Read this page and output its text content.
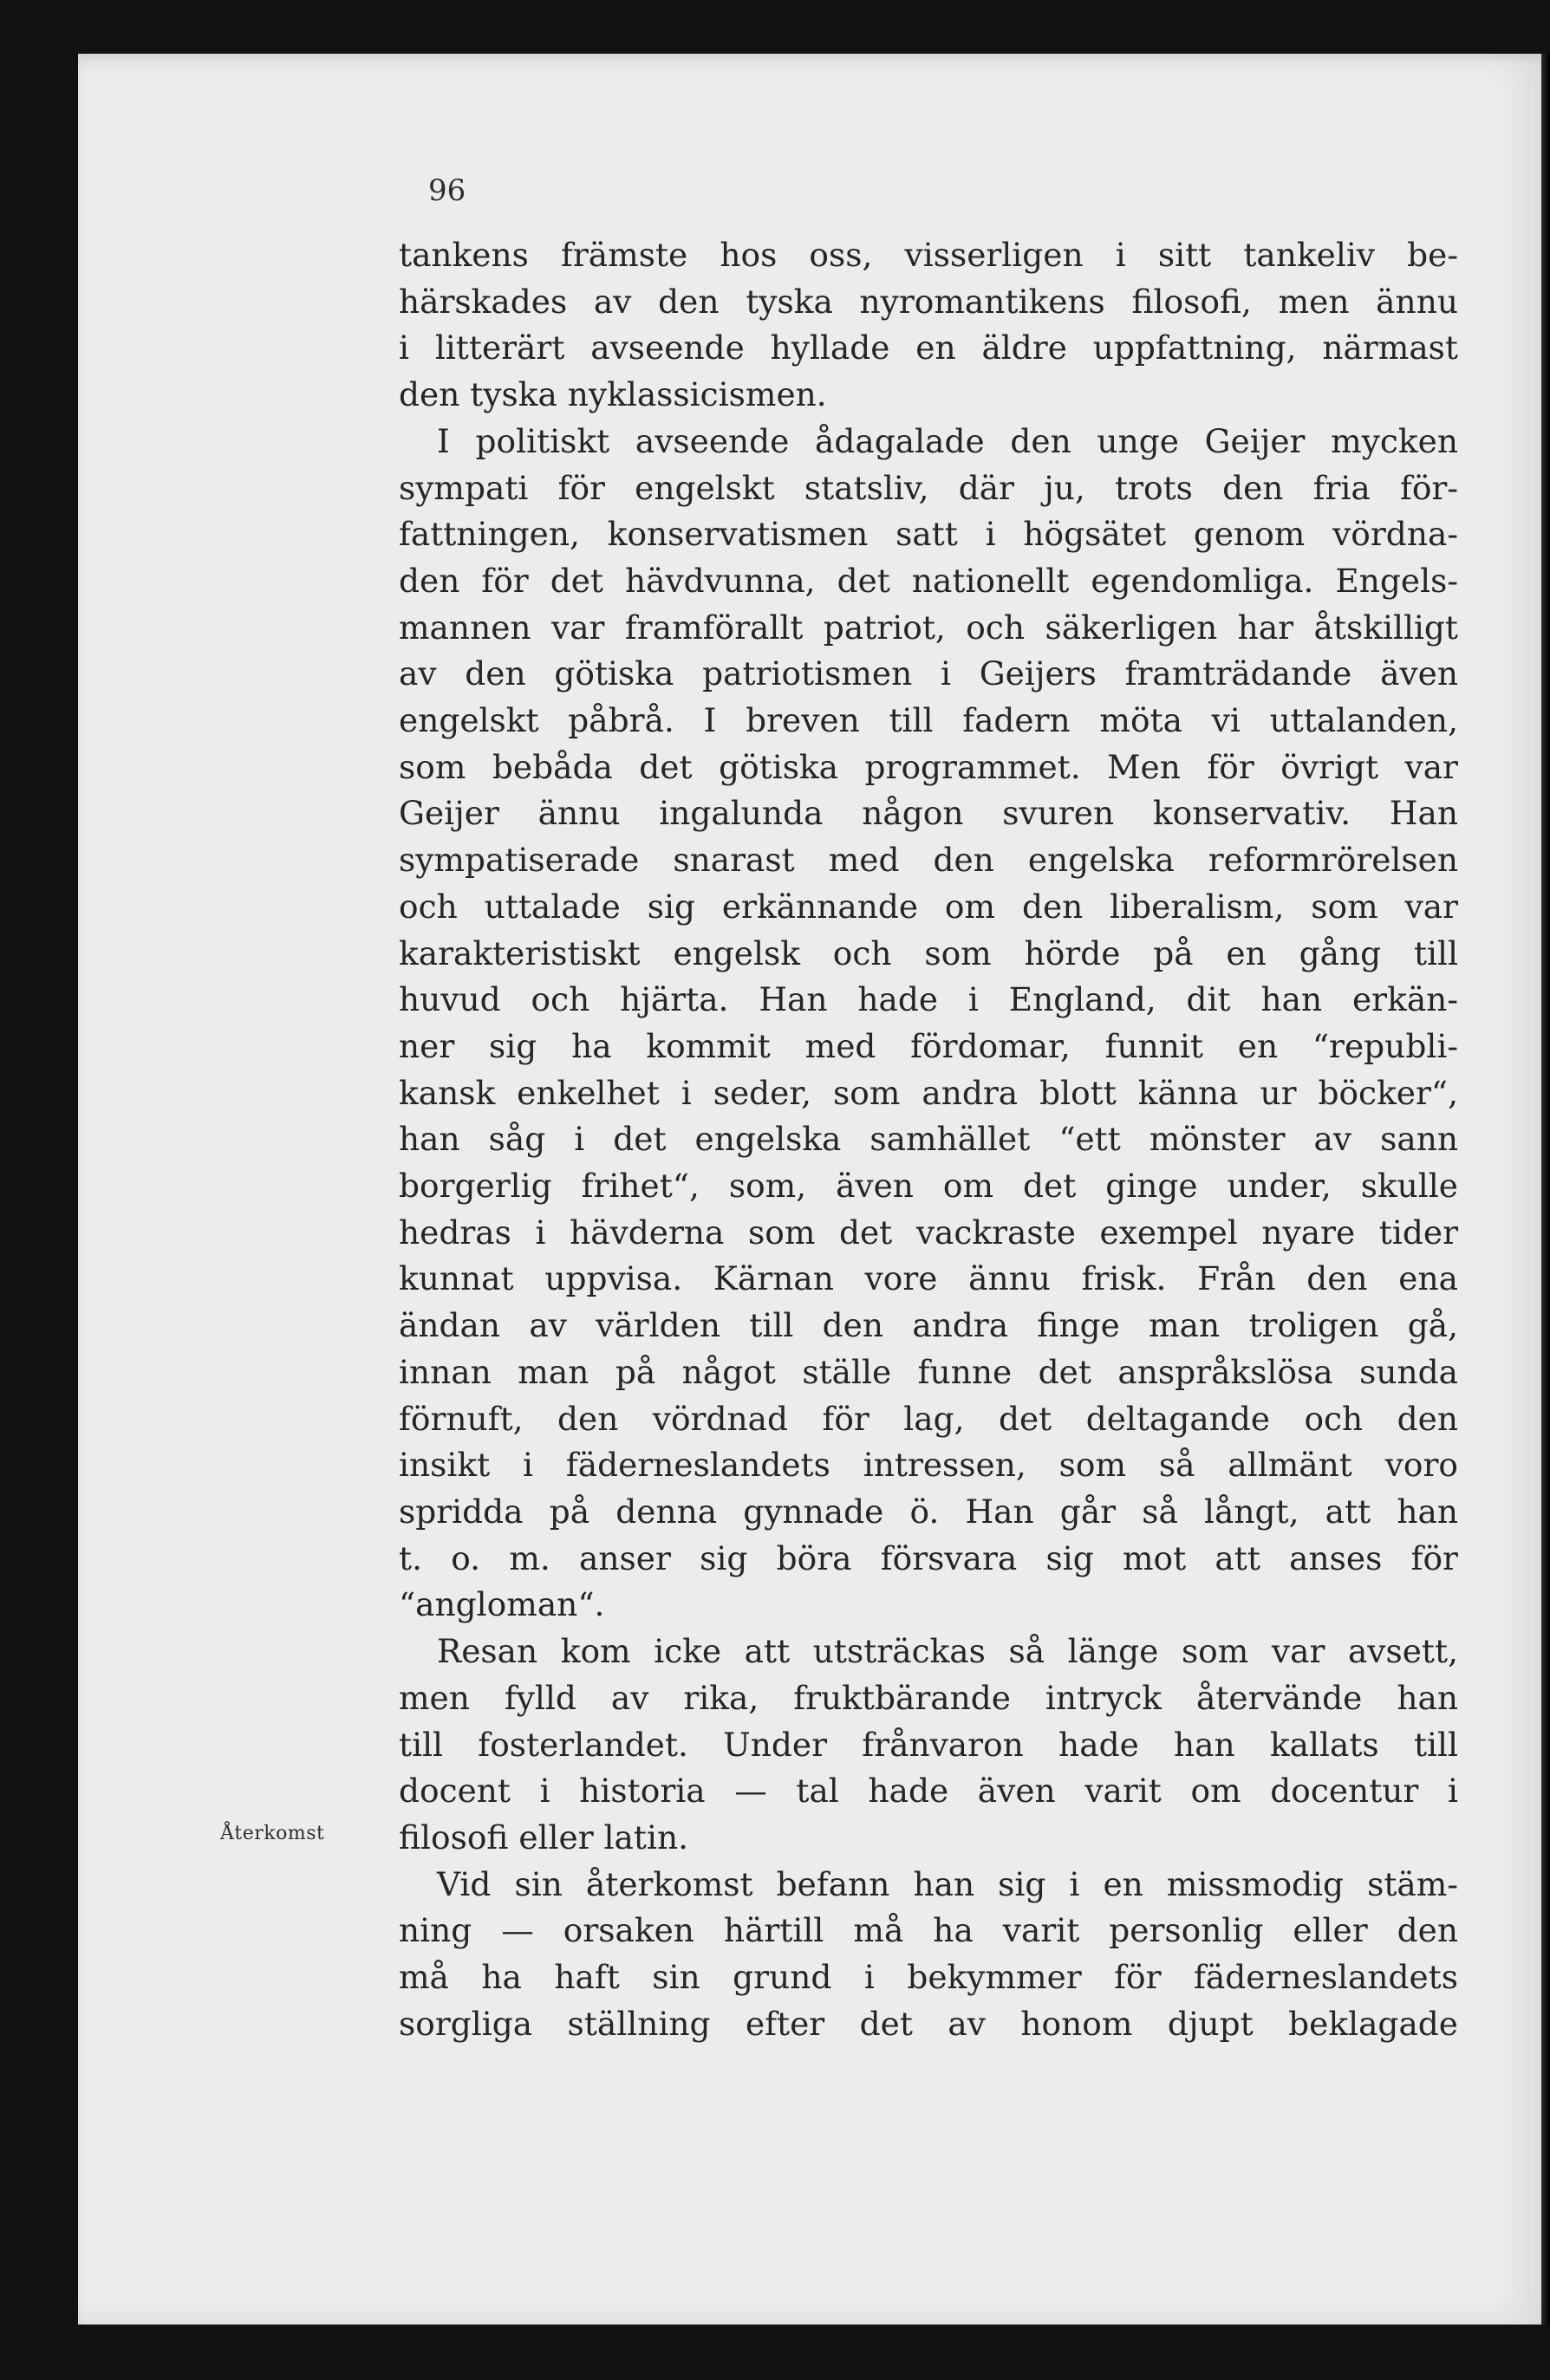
96
Återkomst
tankens främste hos oss, visserligen i sitt tankeliv be-
härskades av den tyska nyromantikens filosofi, men ännu
i litterärt avseende hyllade en äldre uppfattning, närmast
den tyska nyklassicismen.
I politiskt avseende ådagalade den unge Geijer mycken
sympati för engelskt statsliv, där ju, trots den fria för-
fattningen, konservatismen satt i högsätet genom vördna-
den för det hävdvunna, det nationellt egendomliga. Engels-
mannen var framförallt patriot, och säkerligen har åtskilligt
av den götiska patriotismen i Geijers framträdande även
engelskt påbrå. I breven till fadern möta vi uttalanden,
som bebåda det götiska programmet. Men för övrigt var
Geijer ännu ingalunda någon svuren konservativ. Han
sympatiserade snarast med den engelska reformrörelsen
och uttalade sig erkännande om den liberalism, som var
karakteristiskt engelsk och som hörde på en gång till
huvud och hjärta. Han hade i England, dit han erkän-
ner sig ha kommit med fördomar, funnit en “republi-
kansk enkelhet i seder, som andra blott känna ur böcker“,
han såg i det engelska samhället “ett mönster av sann
borgerlig frihet“, som, även om det ginge under, skulle
hedras i hävderna som det vackraste exempel nyare tider
kunnat uppvisa. Kärnan vore ännu frisk. Från den ena
ändan av världen till den andra finge man troligen gå,
innan man på något ställe funne det anspråkslösa sunda
förnuft, den vördnad för lag, det deltagande och den
insikt i fäderneslandets intressen, som så allmänt voro
spridda på denna gynnade ö. Han går så långt, att han
t. o. m. anser sig böra försvara sig mot att anses för
“angloman“.
Resan kom icke att utsträckas så länge som var avsett,
men fylld av rika, fruktbärande intryck återvände han
till fosterlandet. Under frånvaron hade han kallats till
docent i historia — tal hade även varit om docentur i
filosofi eller latin.
Vid sin återkomst befann han sig i en missmodig stäm-
ning — orsaken härtill må ha varit personlig eller den
må ha haft sin grund i bekymmer för fäderneslandets
sorgliga ställning efter det av honom djupt beklagade
